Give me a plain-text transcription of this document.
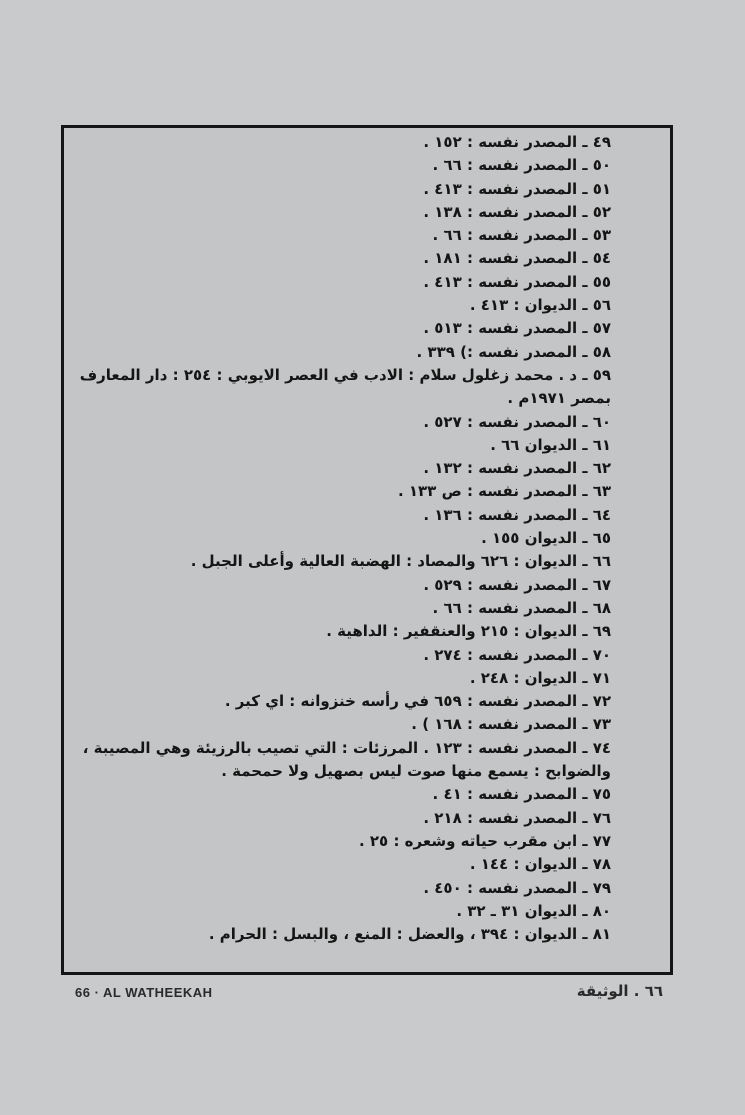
٤٩ ـ المصدر نفسه : ١٥٢ .
٥٠ ـ المصدر نفسه : ٦٦ .
٥١ ـ المصدر نفسه : ٤١٣ .
٥٢ ـ المصدر نفسه : ١٣٨ .
٥٣ ـ المصدر نفسه : ٦٦ .
٥٤ ـ المصدر نفسه : ١٨١ .
٥٥ ـ المصدر نفسه : ٤١٣ .
٥٦ ـ الديوان : ٤١٣ .
٥٧ ـ المصدر نفسه : ٥١٣ .
٥٨ ـ المصدر نفسه :) ٣٣٩ .
٥٩ ـ د . محمد زغلول سلام : الادب في العصر الايوبي : ٢٥٤ : دار المعارف بمصر ١٩٧١م .
٦٠ ـ المصدر نفسه : ٥٢٧ .
٦١ ـ الديوان ٦٦ .
٦٢ ـ المصدر نفسه : ١٣٢ .
٦٣ ـ المصدر نفسه : ص ١٣٣ .
٦٤ ـ المصدر نفسه : ١٣٦ .
٦٥ ـ الديوان ١٥٥ .
٦٦ ـ الديوان : ٦٢٦ والمصاد : الهضبة العالية وأعلى الجبل .
٦٧ ـ المصدر نفسه : ٥٢٩ .
٦٨ ـ المصدر نفسه : ٦٦ .
٦٩ ـ الديوان : ٢١٥ والعنقفير : الداهية .
٧٠ ـ المصدر نفسه : ٢٧٤ .
٧١ ـ الديوان : ٢٤٨ .
٧٢ ـ المصدر نفسه : ٦٥٩ في رأسه خنزوانه : اي كبر .
٧٣ ـ المصدر نفسه : ١٦٨ ) .
٧٤ ـ المصدر نفسه : ١٢٣ . المرزئات : التي تصيب بالرزيئة وهي المصيبة ، والضوابح : يسمع منها صوت ليس بصهيل ولا حمحمة .
٧٥ ـ المصدر نفسه : ٤١ .
٧٦ ـ المصدر نفسه : ٢١٨ .
٧٧ ـ ابن مقرب حياته وشعره : ٢٥ .
٧٨ ـ الديوان : ١٤٤ .
٧٩ ـ المصدر نفسه : ٤٥٠ .
٨٠ ـ الديوان ٣١ ـ ٣٢ .
٨١ ـ الديوان : ٣٩٤ ، والعضل : المنع ، والبسل : الحرام .
66 · AL WATHEEKAH	٦٦ . الوثيقة
